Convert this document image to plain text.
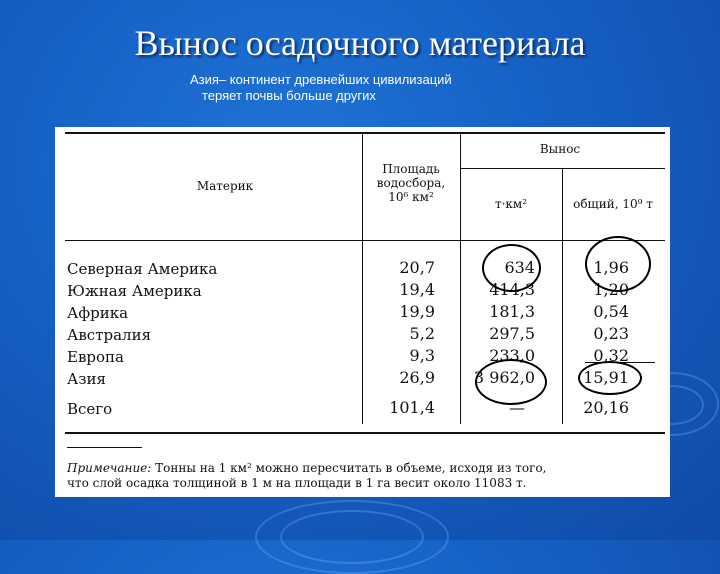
Вынос осадочного материала
Азия– континент древнейших цивилизаций
теряет почвы больше других
Материк
Площадь водосбора, 10⁶ км²
Вынос
т·км²	общий, 10⁹ т
Северная Америка	20,7	634	1,96
Южная Америка	19,4	414,3	1,20
Африка	19,9	181,3	0,54
Австралия	5,2	297,5	0,23
Европа	9,3	233,0	0,32
Азия	26,9	3 962,0	15,91
Всего	101,4	—	20,16
Примечание: Тонны на 1 км² можно пересчитать в объеме, исходя из того,
что слой осадка толщиной в 1 м на площади в 1 га весит около 11083 т.
